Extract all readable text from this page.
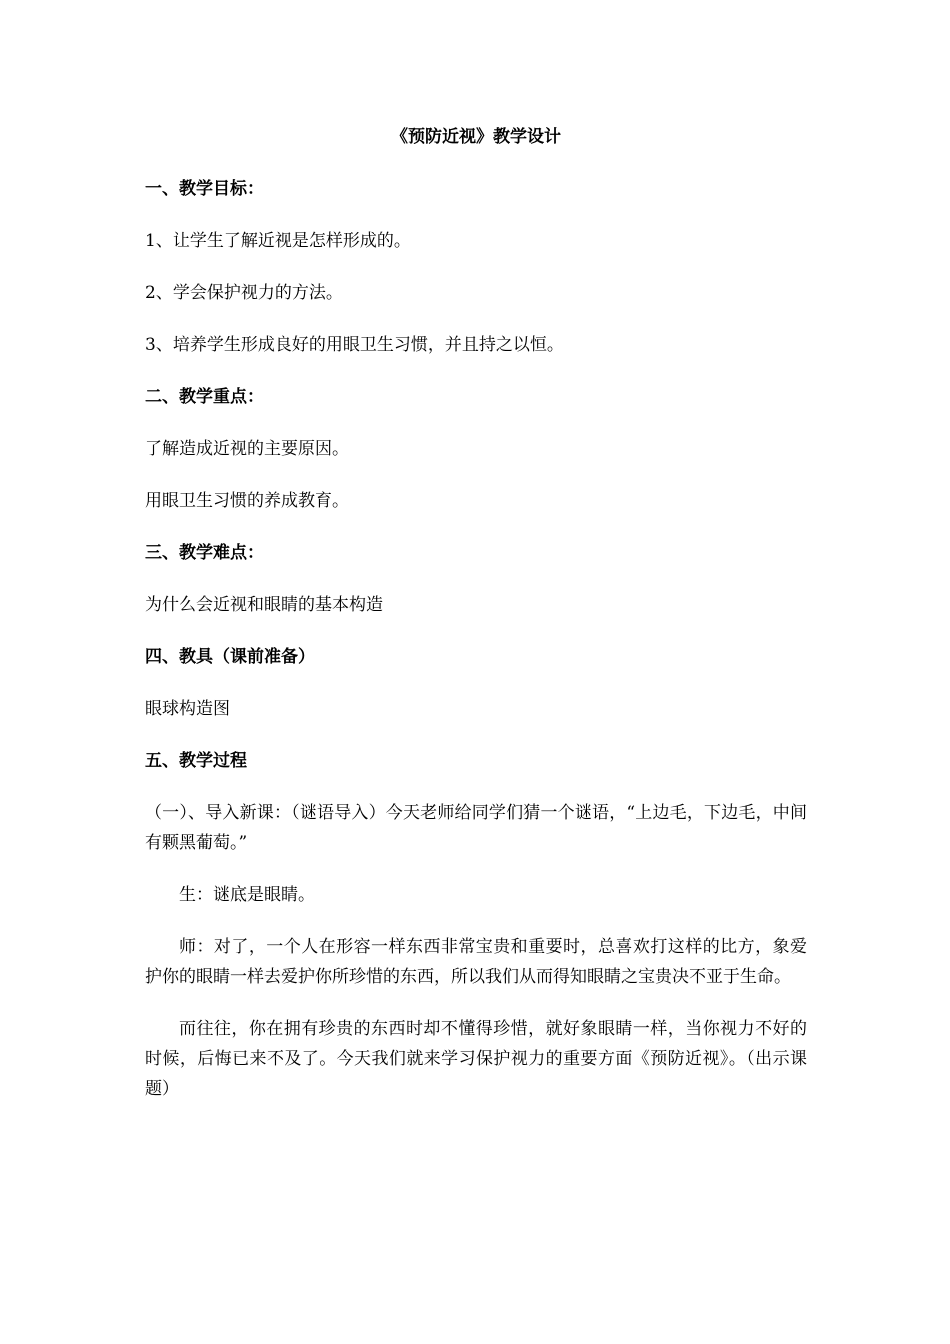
《预防近视》教学设计
一、教学目标：
1、让学生了解近视是怎样形成的。
2、学会保护视力的方法。
3、培养学生形成良好的用眼卫生习惯，并且持之以恒。
二、教学重点：
了解造成近视的主要原因。
用眼卫生习惯的养成教育。
三、教学难点：
为什么会近视和眼睛的基本构造
四、教具（课前准备）
眼球构造图
五、教学过程
（一）、导入新课：（谜语导入）今天老师给同学们猜一个谜语，“上边毛，下边毛，中间有颗黑葡萄。”
生：谜底是眼睛。
师：对了，一个人在形容一样东西非常宝贵和重要时，总喜欢打这样的比方，象爱护你的眼睛一样去爱护你所珍惜的东西，所以我们从而得知眼睛之宝贵决不亚于生命。
而往往，你在拥有珍贵的东西时却不懂得珍惜，就好象眼睛一样，当你视力不好的时候，后悔已来不及了。今天我们就来学习保护视力的重要方面《预防近视》。（出示课题）
